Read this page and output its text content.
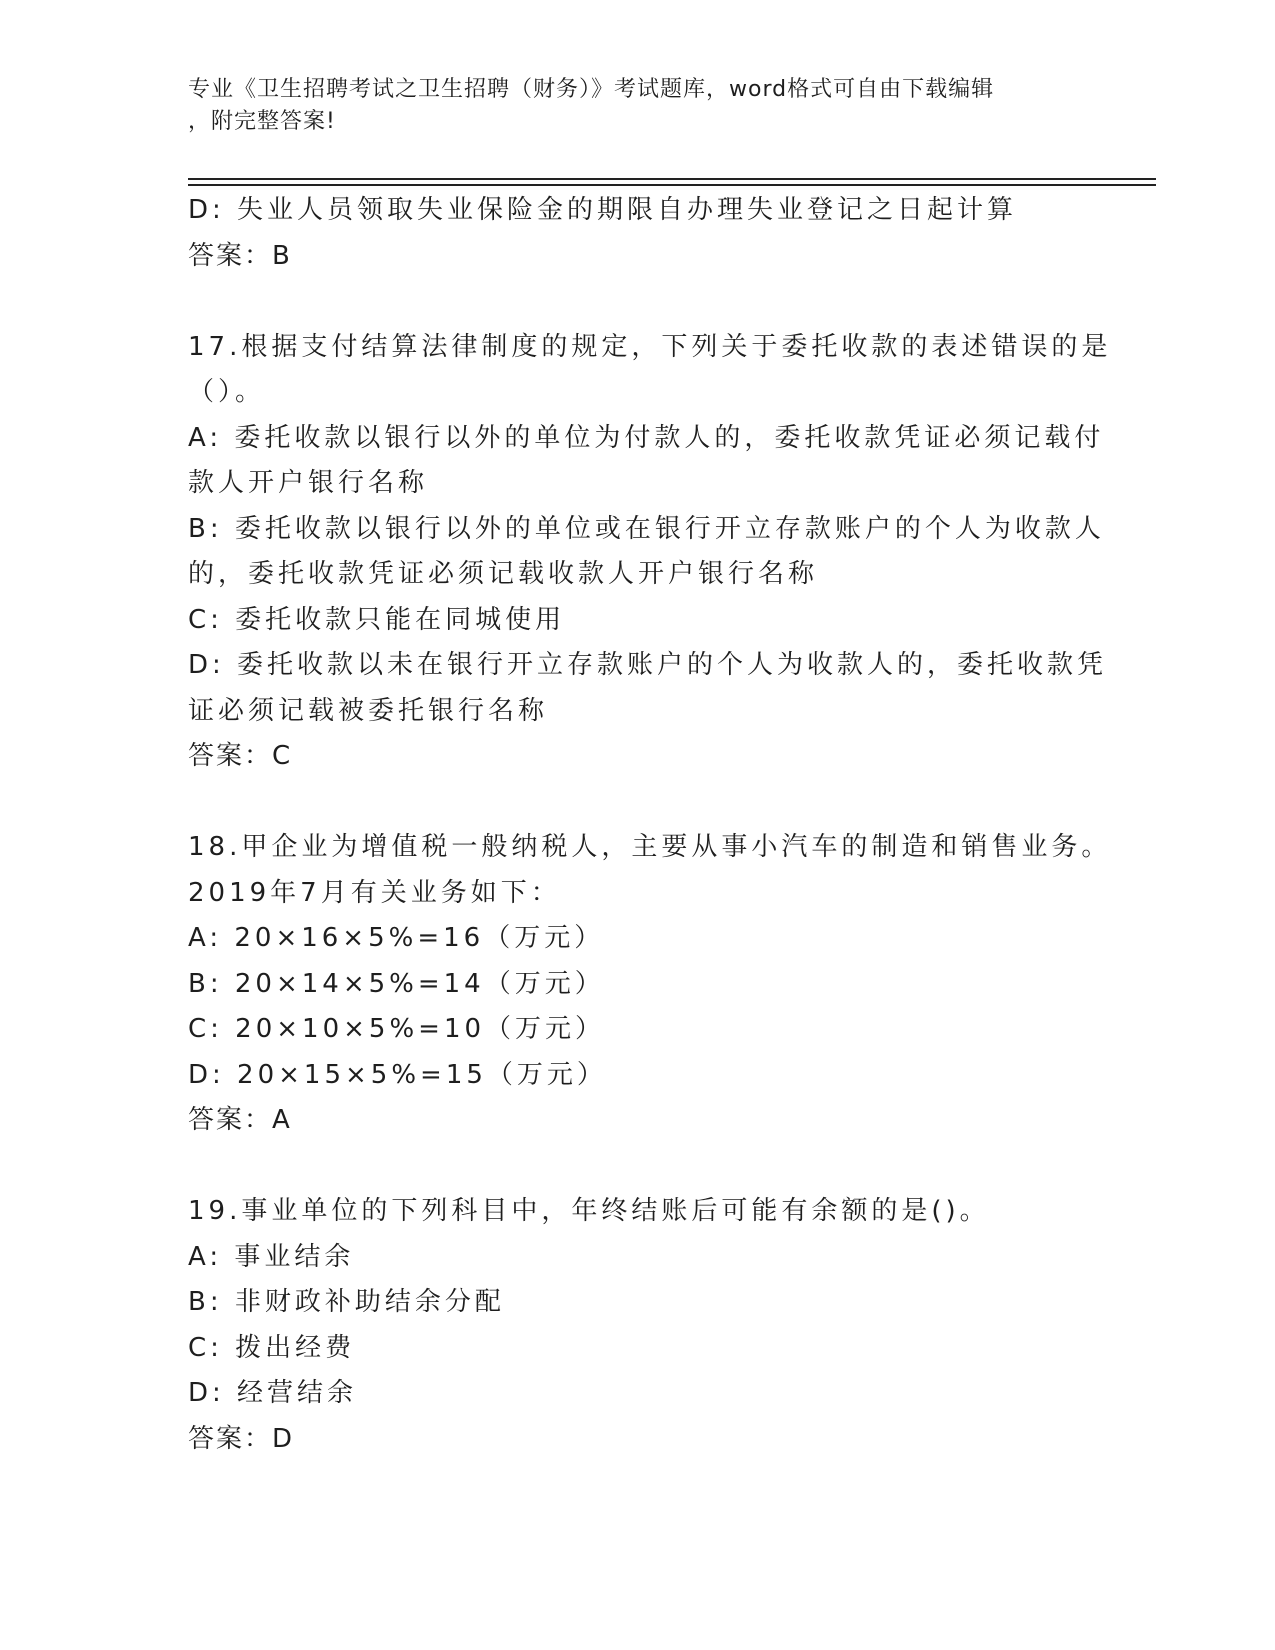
专业《卫生招聘考试之卫生招聘（财务）》考试题库，word格式可自由下载编辑
，附完整答案!
D: 失业人员领取失业保险金的期限自办理失业登记之日起计算
答案：B
17.根据支付结算法律制度的规定，下列关于委托收款的表述错误的是
（）。
A: 委托收款以银行以外的单位为付款人的，委托收款凭证必须记载付
款人开户银行名称
B: 委托收款以银行以外的单位或在银行开立存款账户的个人为收款人
的，委托收款凭证必须记载收款人开户银行名称
C: 委托收款只能在同城使用
D: 委托收款以未在银行开立存款账户的个人为收款人的，委托收款凭
证必须记载被委托银行名称
答案：C
18.甲企业为增值税一般纳税人，主要从事小汽车的制造和销售业务。
2019年7月有关业务如下：
A: 20×16×5%=16（万元）
B: 20×14×5%=14（万元）
C: 20×10×5%=10（万元）
D: 20×15×5%=15（万元）
答案：A
19.事业单位的下列科目中，年终结账后可能有余额的是()。
A: 事业结余
B: 非财政补助结余分配
C: 拨出经费
D: 经营结余
答案：D
